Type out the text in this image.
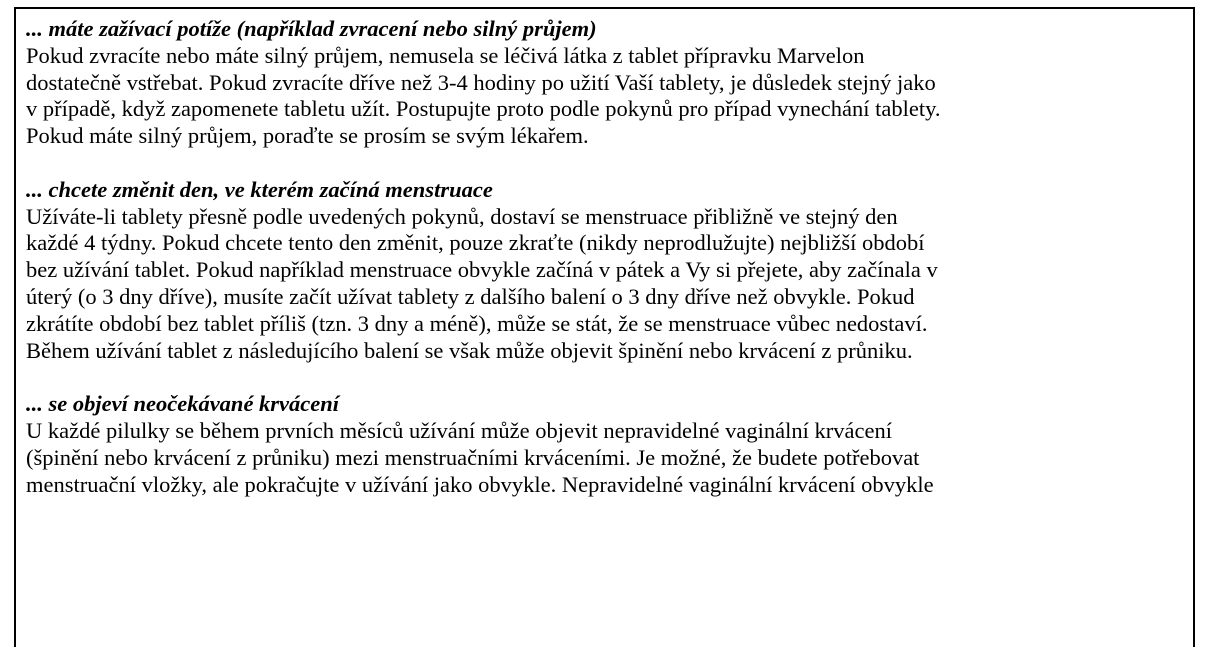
... máte zažívací potíže (například zvracení nebo silný průjem)
Pokud zvracíte nebo máte silný průjem, nemusela se léčivá látka z tablet přípravku Marvelon
dostatečně vstřebat. Pokud zvracíte dříve než 3-4 hodiny po užití Vaší tablety, je důsledek stejný jako
v případě, když zapomenete tabletu užít. Postupujte proto podle pokynů pro případ vynechání tablety.
Pokud máte silný průjem, poraďte se prosím se svým lékařem.
... chcete změnit den, ve kterém začíná menstruace
Užíváte-li tablety přesně podle uvedených pokynů, dostaví se menstruace přibližně ve stejný den
každé 4 týdny. Pokud chcete tento den změnit, pouze zkraťte (nikdy neprodlužujte) nejbližší období
bez užívání tablet. Pokud například menstruace obvykle začíná v pátek a Vy si přejete, aby začínala v
úterý (o 3 dny dříve), musíte začít užívat tablety z dalšího balení o 3 dny dříve než obvykle. Pokud
zkrátíte období bez tablet příliš (tzn. 3 dny a méně), může se stát, že se menstruace vůbec nedostaví.
Během užívání tablet z následujícího balení se však může objevit špinění nebo krvácení z průniku.
... se objeví neočekávané krvácení
U každé pilulky se během prvních měsíců užívání může objevit nepravidelné vaginální krvácení
(špinění nebo krvácení z průniku) mezi menstruačními krváceními. Je možné, že budete potřebovat
menstruační vložky, ale pokračujte v užívání jako obvykle. Nepravidelné vaginální krvácení obvykle
